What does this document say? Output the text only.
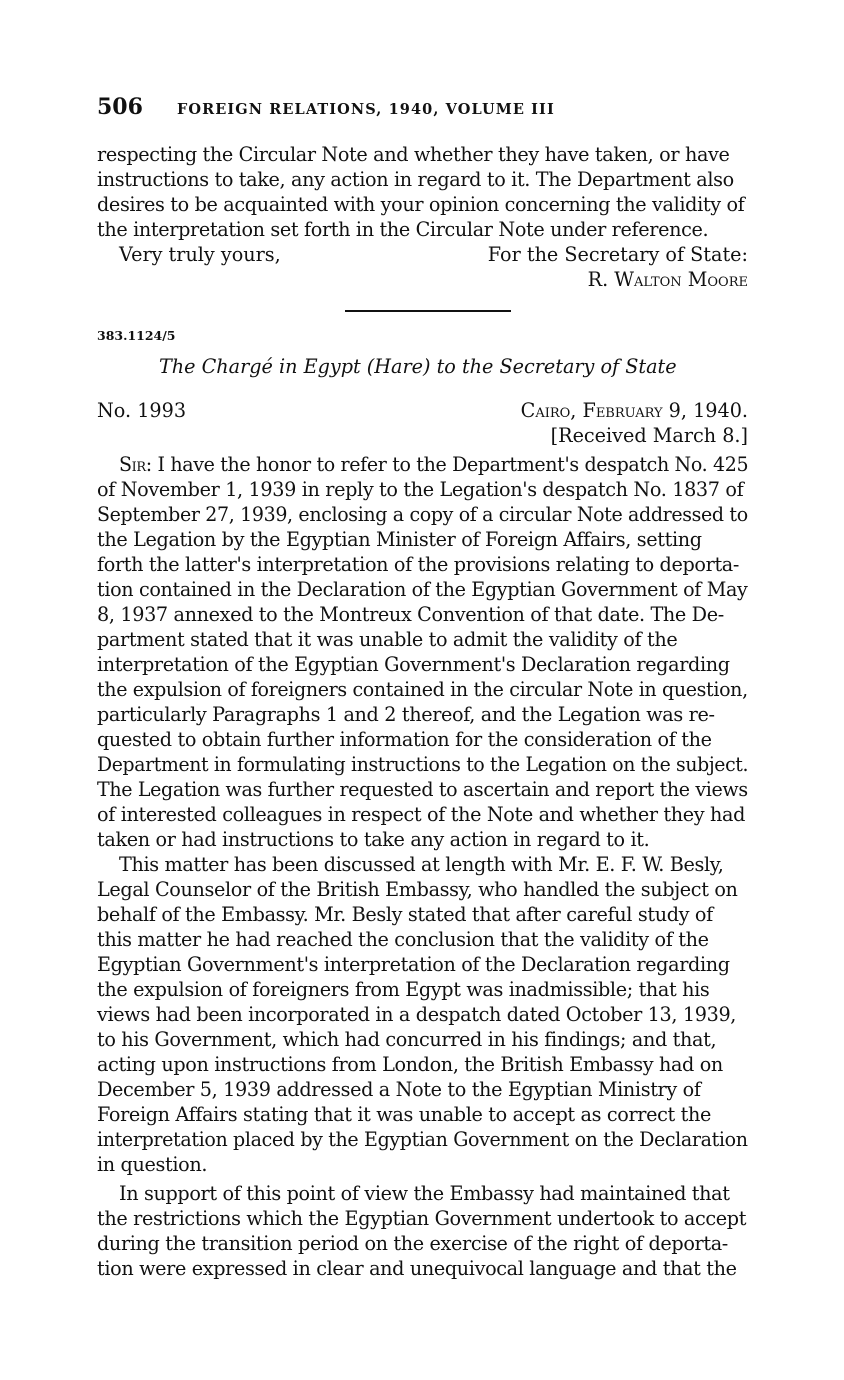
506 FOREIGN RELATIONS, 1940, VOLUME III
respecting the Circular Note and whether they have taken, or have
instructions to take, any action in regard to it. The Department also
desires to be acquainted with your opinion concerning the validity of
the interpretation set forth in the Circular Note under reference.
Very truly yours,	For the Secretary of State:
R. Walton Moore
383.1124/5
The Chargé in Egypt (Hare) to the Secretary of State
No. 1993	Cairo, February 9, 1940.
[Received March 8.]
Sir: I have the honor to refer to the Department's despatch No. 425
of November 1, 1939 in reply to the Legation's despatch No. 1837 of
September 27, 1939, enclosing a copy of a circular Note addressed to
the Legation by the Egyptian Minister of Foreign Affairs, setting
forth the latter's interpretation of the provisions relating to deporta-
tion contained in the Declaration of the Egyptian Government of May
8, 1937 annexed to the Montreux Convention of that date. The De-
partment stated that it was unable to admit the validity of the
interpretation of the Egyptian Government's Declaration regarding
the expulsion of foreigners contained in the circular Note in question,
particularly Paragraphs 1 and 2 thereof, and the Legation was re-
quested to obtain further information for the consideration of the
Department in formulating instructions to the Legation on the subject.
The Legation was further requested to ascertain and report the views
of interested colleagues in respect of the Note and whether they had
taken or had instructions to take any action in regard to it.
This matter has been discussed at length with Mr. E. F. W. Besly,
Legal Counselor of the British Embassy, who handled the subject on
behalf of the Embassy. Mr. Besly stated that after careful study of
this matter he had reached the conclusion that the validity of the
Egyptian Government's interpretation of the Declaration regarding
the expulsion of foreigners from Egypt was inadmissible; that his
views had been incorporated in a despatch dated October 13, 1939,
to his Government, which had concurred in his findings; and that,
acting upon instructions from London, the British Embassy had on
December 5, 1939 addressed a Note to the Egyptian Ministry of
Foreign Affairs stating that it was unable to accept as correct the
interpretation placed by the Egyptian Government on the Declaration
in question.
In support of this point of view the Embassy had maintained that
the restrictions which the Egyptian Government undertook to accept
during the transition period on the exercise of the right of deporta-
tion were expressed in clear and unequivocal language and that the
